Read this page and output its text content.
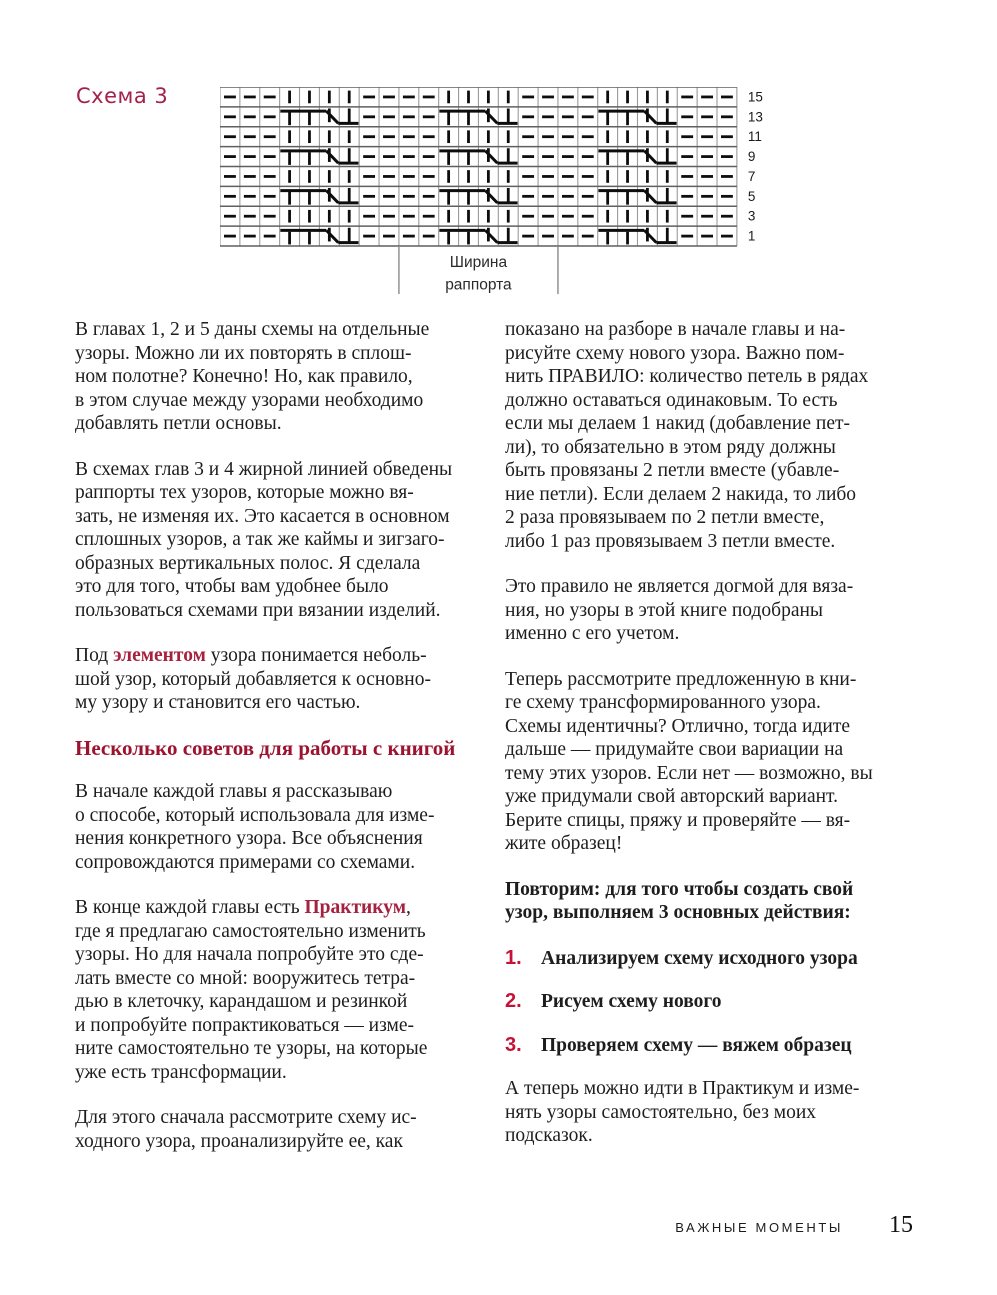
Схема 3	15
13
11
9
7
5
3
1
Ширина
раппорта

В главах 1, 2 и 5 даны схемы на отдельные
узоры. Можно ли их повторять в сплош-
ном полотне? Конечно! Но, как правило,
в этом случае между узорами необходимо
добавлять петли основы.

В схемах глав 3 и 4 жирной линией обведены
раппорты тех узоров, которые можно вя-
зать, не изменяя их. Это касается в основном
сплошных узоров, а так же каймы и зигзаго-
образных вертикальных полос. Я сделала
это для того, чтобы вам удобнее было
пользоваться схемами при вязании изделий.

Под элементом узора понимается неболь-
шой узор, который добавляется к основно-
му узору и становится его частью.

Несколько советов для работы с книгой

В начале каждой главы я рассказываю
о способе, который использовала для изме-
нения конкретного узора. Все объяснения
сопровождаются примерами со схемами.

В конце каждой главы есть Практикум,
где я предлагаю самостоятельно изменить
узоры. Но для начала попробуйте это сде-
лать вместе со мной: вооружитесь тетра-
дью в клеточку, карандашом и резинкой
и попробуйте попрактиковаться — изме-
ните самостоятельно те узоры, на которые
уже есть трансформации.

Для этого сначала рассмотрите схему ис-
ходного узора, проанализируйте ее, как

показано на разборе в начале главы и на-
рисуйте схему нового узора. Важно пом-
нить ПРАВИЛО: количество петель в рядах
должно оставаться одинаковым. То есть
если мы делаем 1 накид (добавление пет-
ли), то обязательно в этом ряду должны
быть провязаны 2 петли вместе (убавле-
ние петли). Если делаем 2 накида, то либо
2 раза провязываем по 2 петли вместе,
либо 1 раз провязываем 3 петли вместе.

Это правило не является догмой для вяза-
ния, но узоры в этой книге подобраны
именно с его учетом.

Теперь рассмотрите предложенную в кни-
ге схему трансформированного узора.
Схемы идентичны? Отлично, тогда идите
дальше — придумайте свои вариации на
тему этих узоров. Если нет — возможно, вы
уже придумали свой авторский вариант.
Берите спицы, пряжу и проверяйте — вя-
жите образец!

Повторим: для того чтобы создать свой
узор, выполняем 3 основных действия:

1. Анализируем схему исходного узора
2. Рисуем схему нового
3. Проверяем схему — вяжем образец

А теперь можно идти в Практикум и изме-
нять узоры самостоятельно, без моих
подсказок.

ВАЖНЫЕ МОМЕНТЫ 15
